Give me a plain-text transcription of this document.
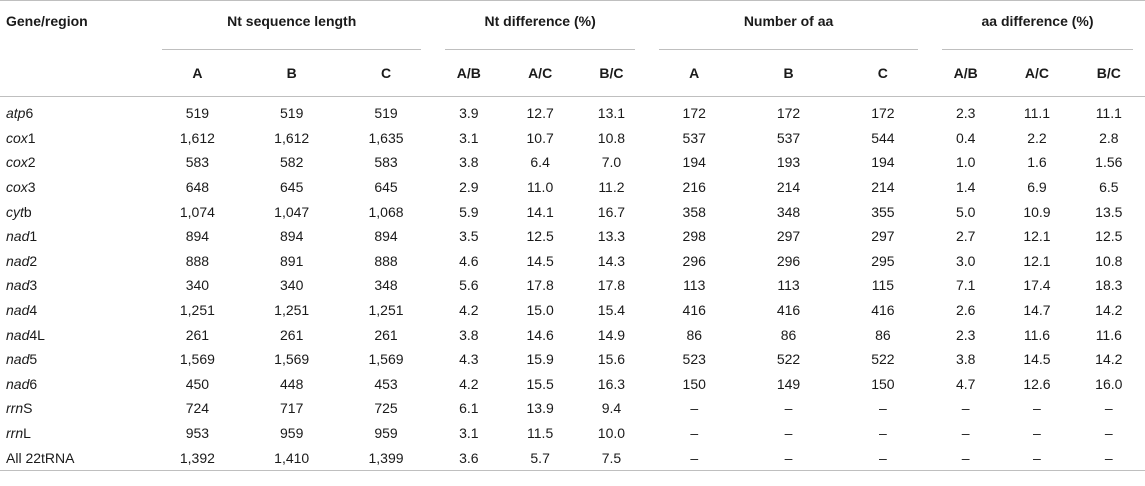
Gene/region	Nt sequence length			Nt difference (%)			Number of aa			aa difference (%)		
	A	B	C	A/B	A/C	B/C	A	B	C	A/B	A/C	B/C
atp6	519	519	519	3.9	12.7	13.1	172	172	172	2.3	11.1	11.1
cox1	1,612	1,612	1,635	3.1	10.7	10.8	537	537	544	0.4	2.2	2.8
cox2	583	582	583	3.8	6.4	7.0	194	193	194	1.0	1.6	1.56
cox3	648	645	645	2.9	11.0	11.2	216	214	214	1.4	6.9	6.5
cytb	1,074	1,047	1,068	5.9	14.1	16.7	358	348	355	5.0	10.9	13.5
nad1	894	894	894	3.5	12.5	13.3	298	297	297	2.7	12.1	12.5
nad2	888	891	888	4.6	14.5	14.3	296	296	295	3.0	12.1	10.8
nad3	340	340	348	5.6	17.8	17.8	113	113	115	7.1	17.4	18.3
nad4	1,251	1,251	1,251	4.2	15.0	15.4	416	416	416	2.6	14.7	14.2
nad4L	261	261	261	3.8	14.6	14.9	86	86	86	2.3	11.6	11.6
nad5	1,569	1,569	1,569	4.3	15.9	15.6	523	522	522	3.8	14.5	14.2
nad6	450	448	453	4.2	15.5	16.3	150	149	150	4.7	12.6	16.0
rrnS	724	717	725	6.1	13.9	9.4	–	–	–	–	–	–
rrnL	953	959	959	3.1	11.5	10.0	–	–	–	–	–	–
All 22tRNA	1,392	1,410	1,399	3.6	5.7	7.5	–	–	–	–	–	–
